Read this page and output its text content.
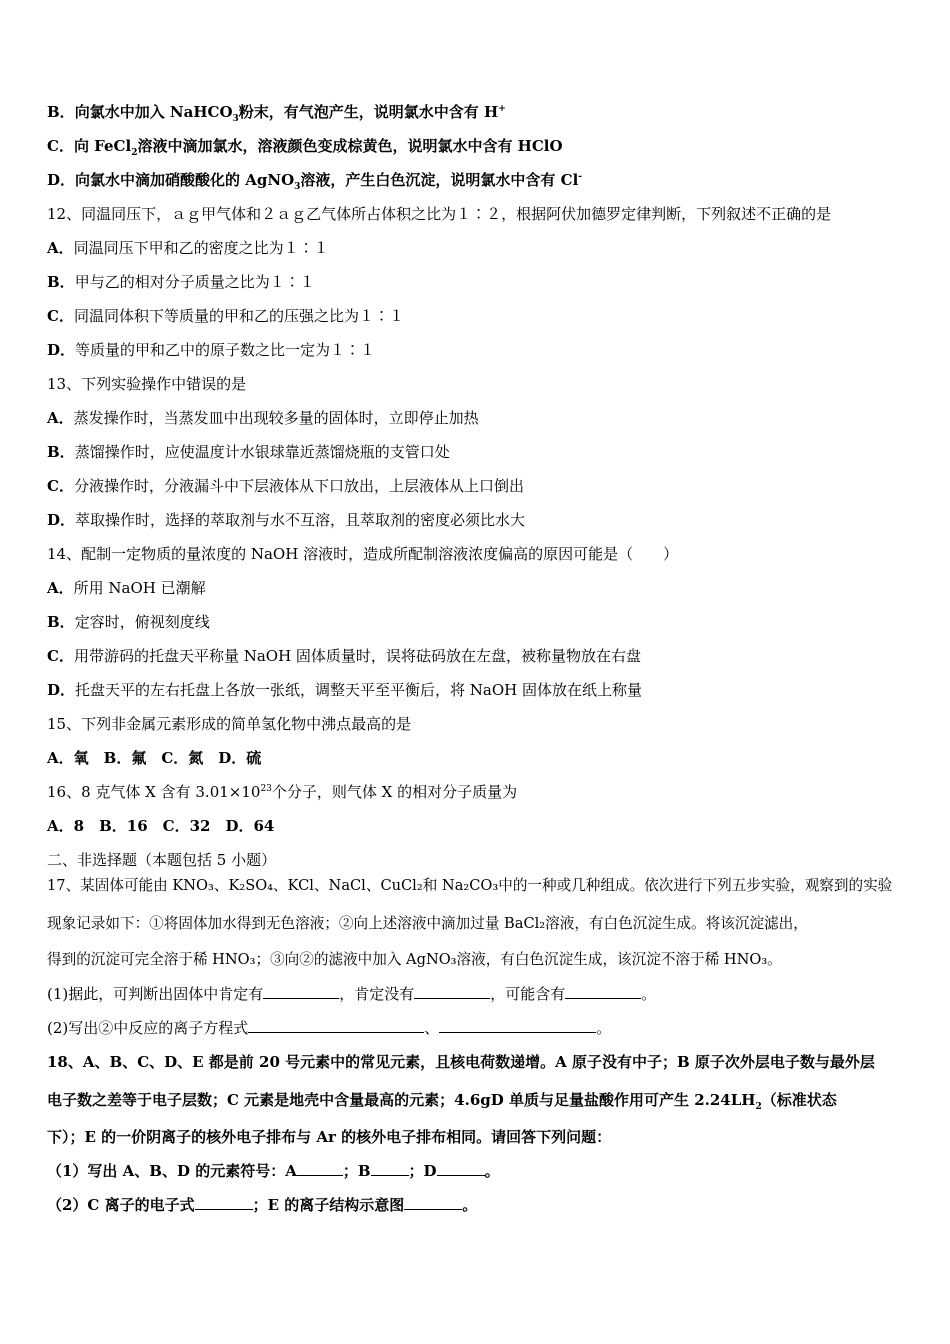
B．向氯水中加入 NaHCO$_3$粉末，有气泡产生，说明氯水中含有 H+
C．向 FeCl$_2$溶液中滴加氯水，溶液颜色变成棕黄色，说明氯水中含有 HClO
D．向氯水中滴加硝酸酸化的 AgNO$_3$溶液，产生白色沉淀，说明氯水中含有 Cl-
12、同温同压下，ａｇ甲气体和２ａｇ乙气体所占体积之比为１∶２，根据阿伏加德罗定律判断，下列叙述不正确的是
A．同温同压下甲和乙的密度之比为１∶１
B．甲与乙的相对分子质量之比为１∶１
C．同温同体积下等质量的甲和乙的压强之比为１∶１
D．等质量的甲和乙中的原子数之比一定为１∶１
13、下列实验操作中错误的是
A．蒸发操作时，当蒸发皿中出现较多量的固体时，立即停止加热
B．蒸馏操作时，应使温度计水银球靠近蒸馏烧瓶的支管口处
C．分液操作时，分液漏斗中下层液体从下口放出，上层液体从上口倒出
D．萃取操作时，选择的萃取剂与水不互溶，且萃取剂的密度必须比水大
14、配制一定物质的量浓度的 NaOH 溶液时，造成所配制溶液浓度偏高的原因可能是（　　）
A．所用 NaOH 已潮解
B．定容时，俯视刻度线
C．用带游码的托盘天平称量 NaOH 固体质量时，误将砝码放在左盘，被称量物放在右盘
D．托盘天平的左右托盘上各放一张纸，调整天平至平衡后，将 NaOH 固体放在纸上称量
15、下列非金属元素形成的简单氢化物中沸点最高的是
A．氧　B．氟　C．氮　D．硫
16、8 克气体 X 含有 $3.01\times 10^{23}$个分子，则气体 X 的相对分子质量为
A．8　B．16　C．32　D．64
二、非选择题（本题包括 5 小题）
17、某固体可能由 KNO₃、K₂SO₄、KCl、NaCl、CuCl₂和 Na₂CO₃中的一种或几种组成。依次进行下列五步实验，观察到的实验
现象记录如下：①将固体加水得到无色溶液；②向上述溶液中滴加过量 BaCl₂溶液，有白色沉淀生成。将该沉淀滤出，
得到的沉淀可完全溶于稀 HNO₃；③向②的滤液中加入 AgNO₃溶液，有白色沉淀生成，该沉淀不溶于稀 HNO₃。
(1)据此，可判断出固体中肯定有	，肯定没有	，可能含有	。
(2)写出②中反应的离子方程式	、	。
18、A、B、C、D、E 都是前 20 号元素中的常见元素，且核电荷数递增。A 原子没有中子；B 原子次外层电子数与最外层
电子数之差等于电子层数；C 元素是地壳中含量最高的元素；4.6gD 单质与足量盐酸作用可产生 $2.24LH_2$（标准状态
下）；E 的一价阴离子的核外电子排布与 Ar 的核外电子排布相同。请回答下列问题：
（1）写出 A、B、D 的元素符号：A	；B	；D	。
（2）C 离子的电子式	；E 的离子结构示意图	。
